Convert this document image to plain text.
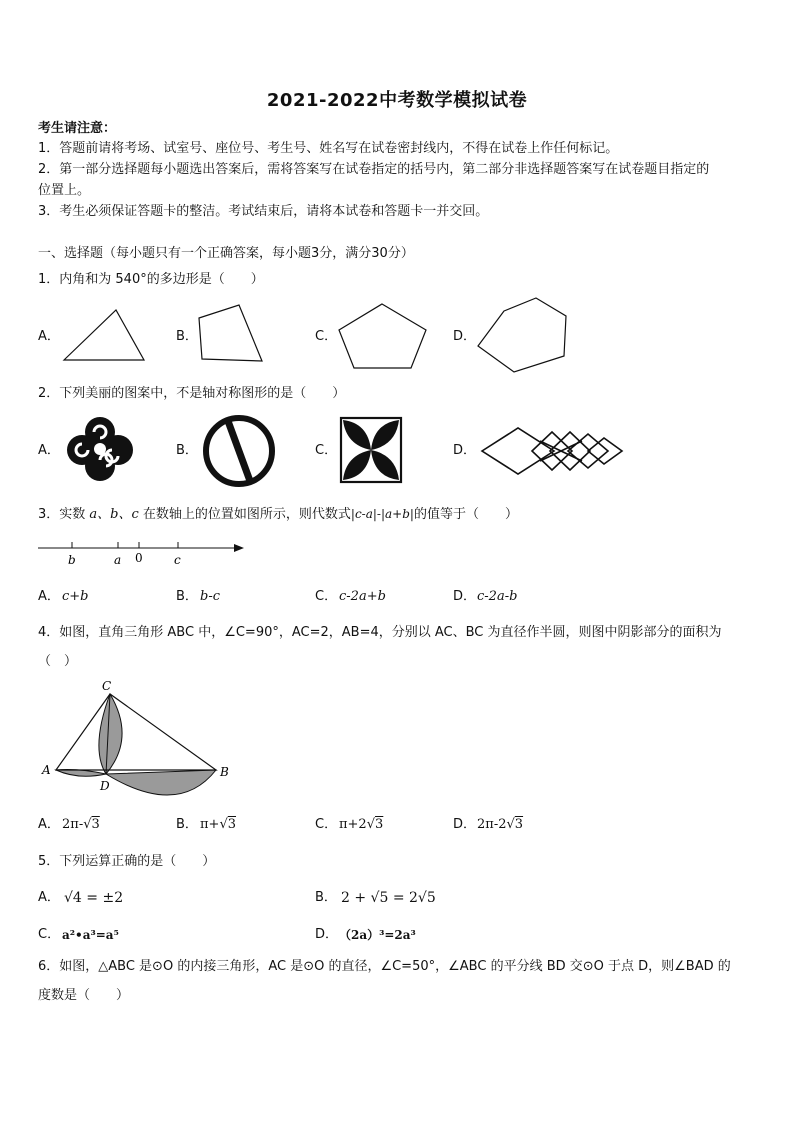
2021-2022中考数学模拟试卷
考生请注意：
1．答题前请将考场、试室号、座位号、考生号、姓名写在试卷密封线内，不得在试卷上作任何标记。
2．第一部分选择题每小题选出答案后，需将答案写在试卷指定的括号内，第二部分非选择题答案写在试卷题目指定的
位置上。
3．考生必须保证答题卡的整洁。考试结束后，请将本试卷和答题卡一并交回。
一、选择题（每小题只有一个正确答案，每小题3分，满分30分）
1．内角和为 540°的多边形是（　　）
A．	B．	C．	D．
2．下列美丽的图案中，不是轴对称图形的是（　　）
A．	B．	C．	D．
3．实数 a、b、c 在数轴上的位置如图所示，则代数式|c-a|-|a+b|的值等于（　　）
b	a 0	c
A． c+b	B． b-c	C． c-2a+b	D． c-2a-b
4．如图，直角三角形 ABC 中，∠C=90°，AC=2，AB=4，分别以 AC、BC 为直径作半圆，则图中阴影部分的面积为
（　）
C
A
D
B
A． 2π-√3	B． π+√3	C． π+2√3	D． 2π-2√3
5．下列运算正确的是（　　）
A． √4 = ±2	B． 2 + √5 = 2√5
C． a²•a³=a⁵	D． （2a）³=2a³
6．如图，△ABC 是⊙O 的内接三角形，AC 是⊙O 的直径，∠C=50°，∠ABC 的平分线 BD 交⊙O 于点 D，则∠BAD 的
度数是（　　）
